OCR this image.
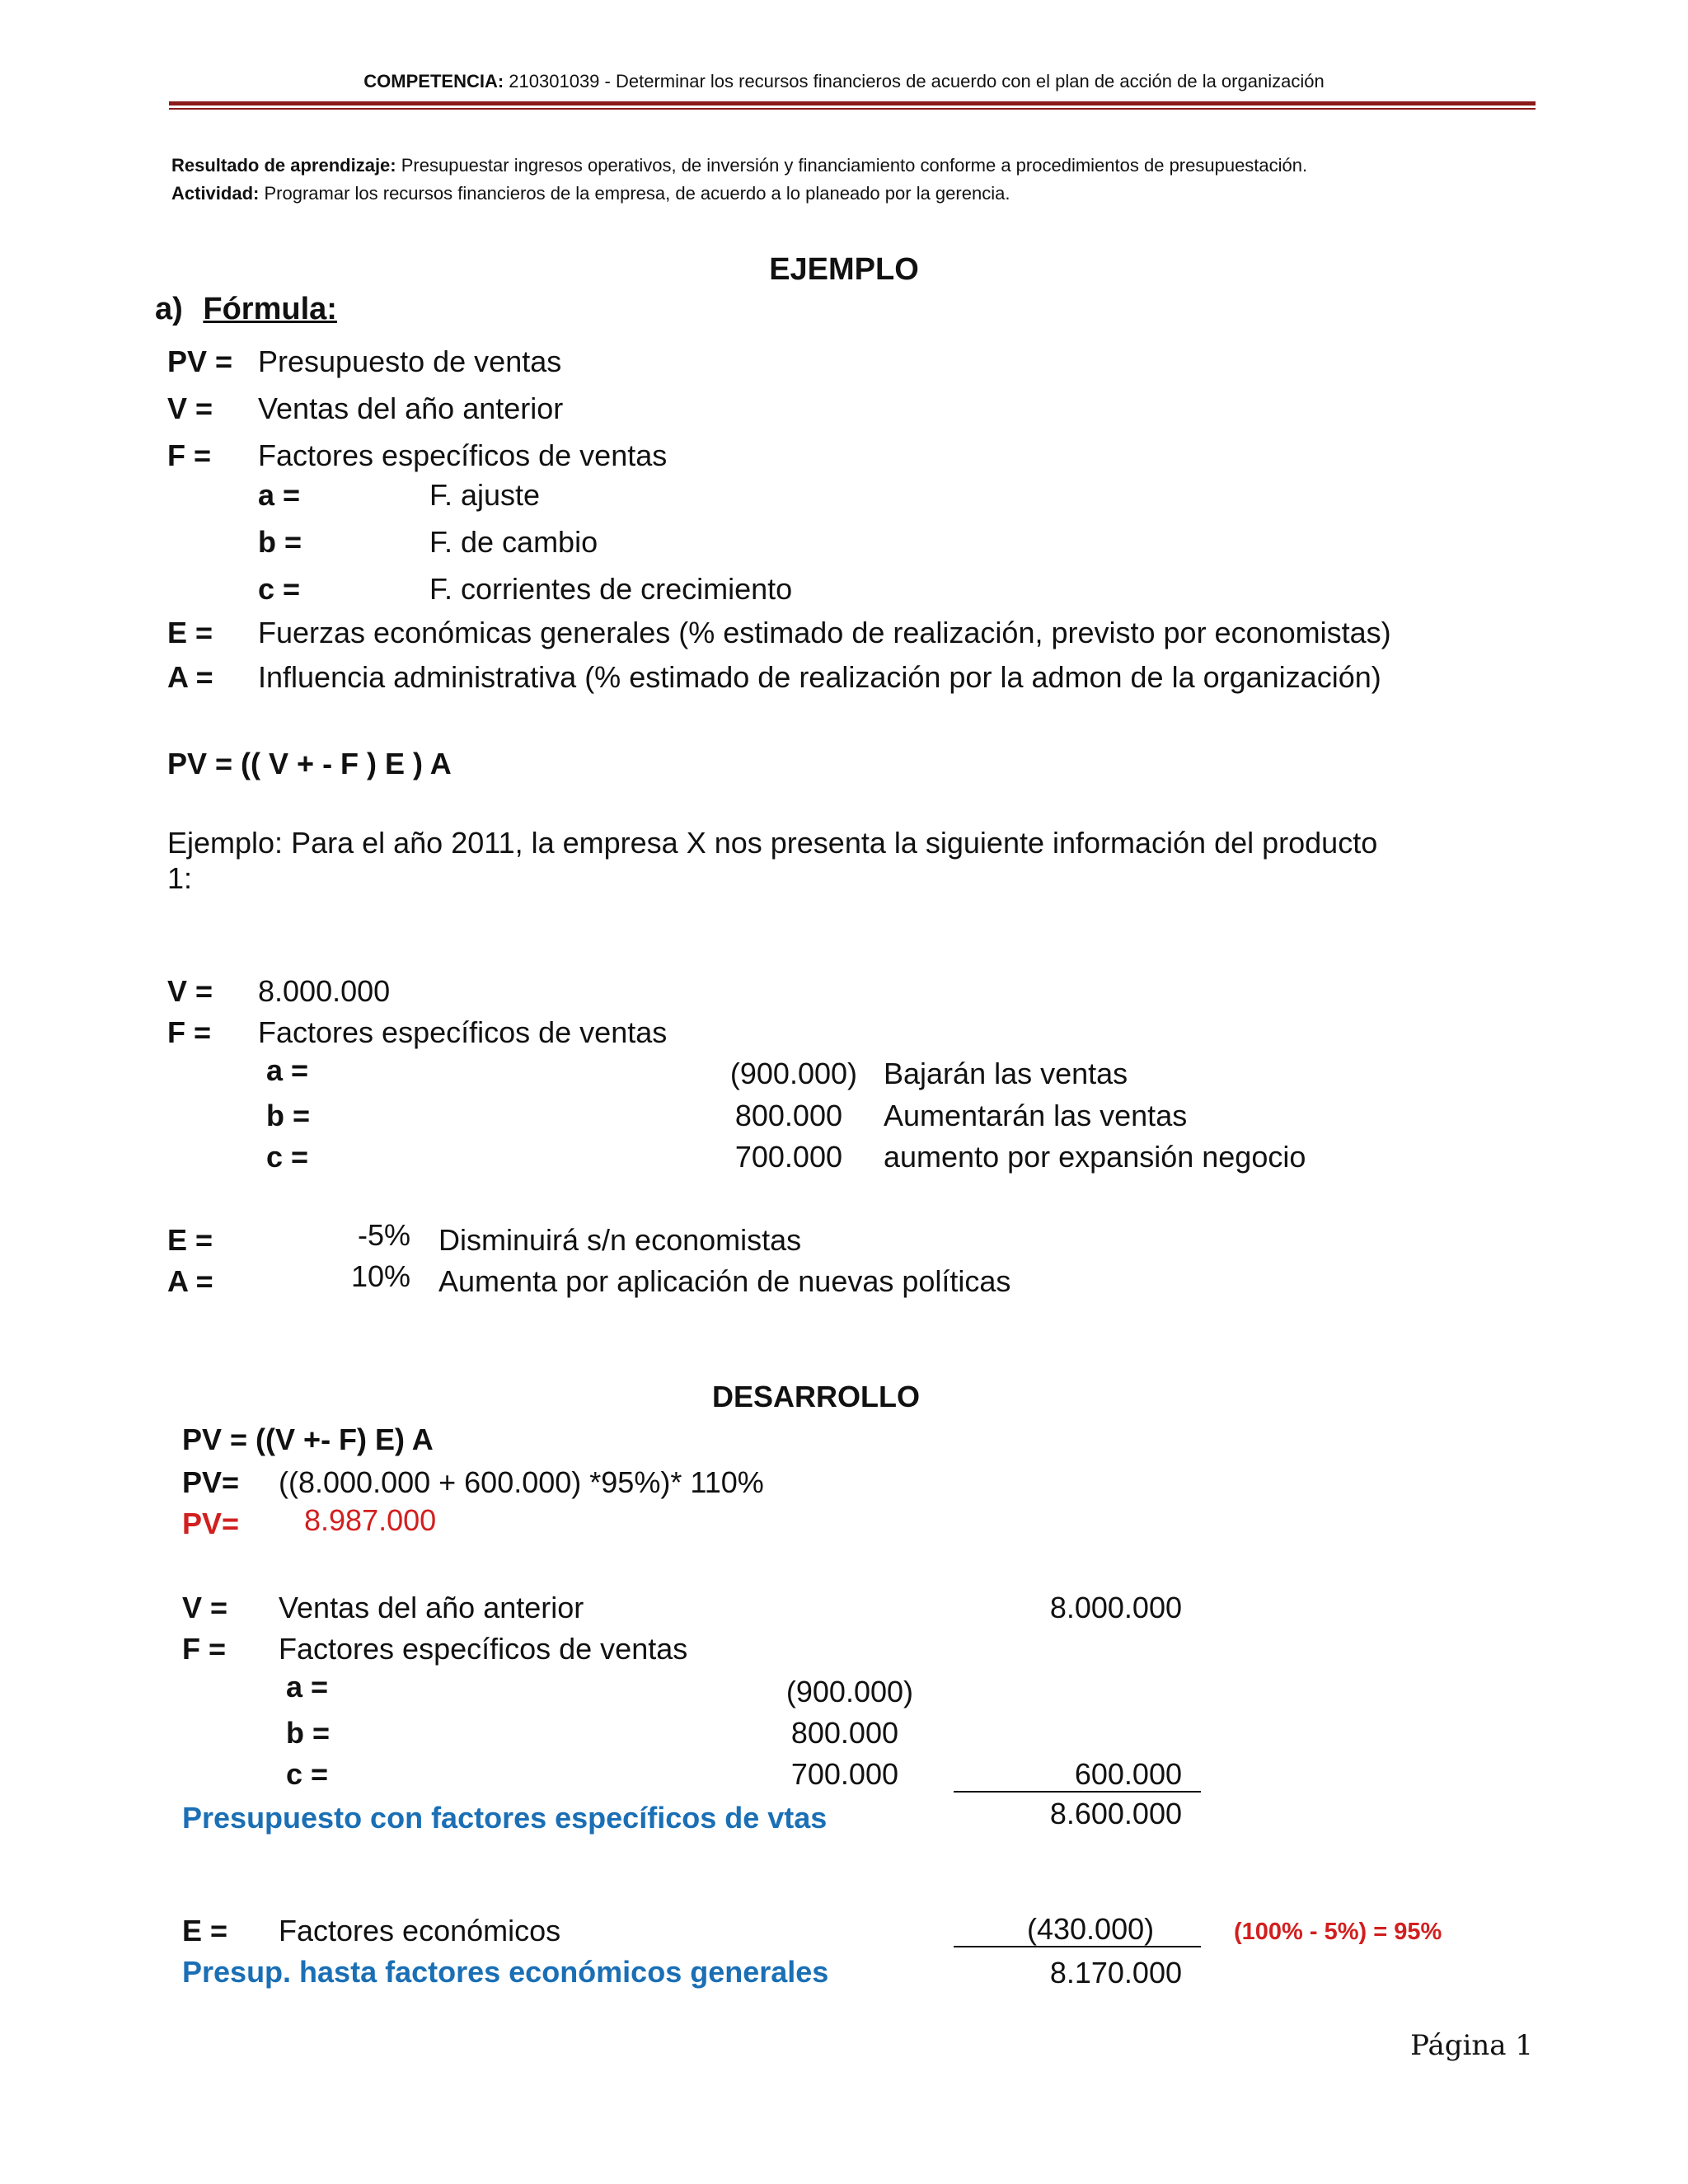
COMPETENCIA: 210301039 - Determinar los recursos financieros de acuerdo con el plan de acción de la organización
Resultado de aprendizaje: Presupuestar ingresos operativos, de inversión y financiamiento conforme a procedimientos de presupuestación.
Actividad: Programar los recursos financieros de la empresa, de acuerdo a lo planeado por la gerencia.
EJEMPLO
a) Fórmula:
PV = Presupuesto de ventas
V = Ventas del año anterior
F = Factores específicos de ventas
a =	F. ajuste
b =	F. de cambio
c =	F. corrientes de crecimiento
E = Fuerzas económicas generales (% estimado de realización, previsto por economistas)
A = Influencia administrativa (% estimado de realización por la admon de la organización)
PV = (( V + - F ) E ) A
Ejemplo: Para el año 2011, la empresa X nos presenta la siguiente información del producto
1:
V = 8.000.000
F = Factores específicos de ventas
a =	(900.000) Bajarán las ventas
b =	800.000 Aumentarán las ventas
c =	700.000 aumento por expansión negocio
E =	-5% Disminuirá s/n economistas
A =	10% Aumenta por aplicación de nuevas políticas
DESARROLLO
PV = ((V +- F) E) A
PV= ((8.000.000 + 600.000) *95%)* 110%
PV= 8.987.000
V = Ventas del año anterior	8.000.000
F = Factores específicos de ventas
a =	(900.000)
b =	800.000
c =	700.000	600.000
Presupuesto con factores específicos de vtas	8.600.000
E = Factores económicos	(430.000)	(100% - 5%) = 95%
Presup. hasta factores económicos generales	8.170.000
Página 1
